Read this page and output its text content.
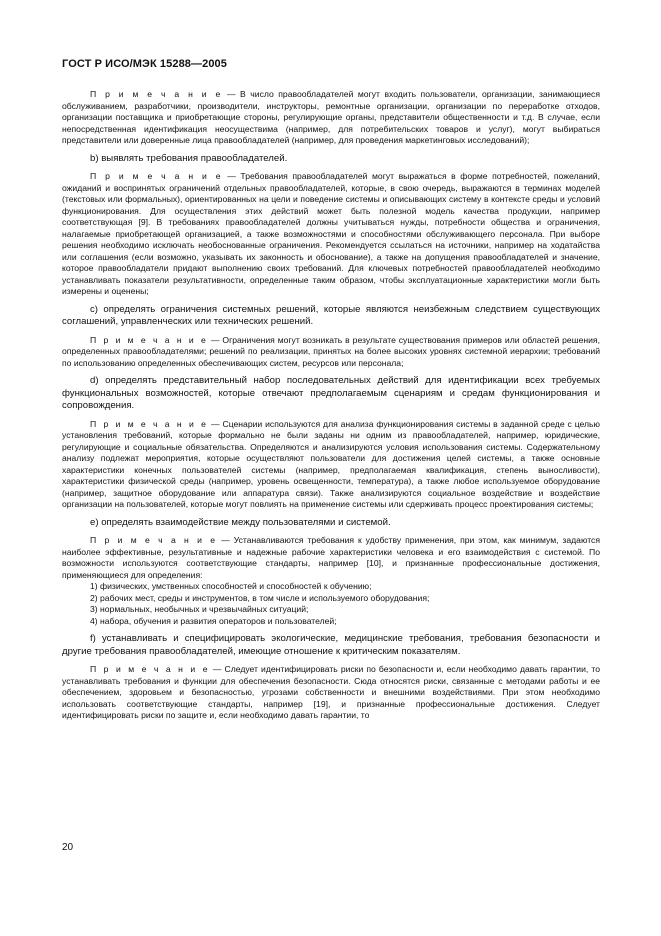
ГОСТ Р ИСО/МЭК 15288—2005

П р и м е ч а н и е — В число правообладателей могут входить пользователи, организации, занимающиеся обслуживанием, разработчики, производители, инструкторы, ремонтные организации, организации по переработке отходов, организации поставщика и приобретающие стороны, регулирующие органы, представители общественности и т.д. В случае, если непосредственная идентификация неосуществима (например, для потребительских товаров и услуг), могут выбираться представители или доверенные лица правообладателей (например, для проведения маркетинговых исследований);

b) выявлять требования правообладателей.

П р и м е ч а н и е — Требования правообладателей могут выражаться в форме потребностей, пожеланий, ожиданий и воспринятых ограничений отдельных правообладателей, которые, в свою очередь, выражаются в терминах моделей (текстовых или формальных), ориентированных на цели и поведение системы и описывающих систему в контексте среды и условий функционирования. Для осуществления этих действий может быть полезной модель качества продукции, например соответствующая [9]. В требованиях правообладателей должны учитываться нужды, потребности общества и ограничения, налагаемые приобретающей организацией, а также возможностями и способностями обслуживающего персонала. При выборе решения необходимо исключать необоснованные ограничения. Рекомендуется ссылаться на источники, например на ходатайства или соглашения (если возможно, указывать их законность и обоснование), а также на допущения правообладателей и значение, которое правообладатели придают выполнению своих требований. Для ключевых потребностей правообладателей необходимо устанавливать показатели результативности, определенные таким образом, чтобы эксплуатационные характеристики могли быть измерены и оценены;

c) определять ограничения системных решений, которые являются неизбежным следствием существующих соглашений, управленческих или технических решений.

П р и м е ч а н и е — Ограничения могут возникать в результате существования примеров или областей решения, определенных правообладателями; решений по реализации, принятых на более высоких уровнях системной иерархии; требований по использованию определенных обеспечивающих систем, ресурсов или персонала;

d) определять представительный набор последовательных действий для идентификации всех требуемых функциональных возможностей, которые отвечают предполагаемым сценариям и средам функционирования и сопровождения.

П р и м е ч а н и е — Сценарии используются для анализа функционирования системы в заданной среде с целью установления требований, которые формально не были заданы ни одним из правообладателей, например, юридические, регулирующие и социальные обязательства. Определяются и анализируются условия использования системы. Содержательному анализу подлежат мероприятия, которые осуществляют пользователи для достижения целей системы, а также основные характеристики конечных пользователей системы (например, предполагаемая квалификация, степень выносливости), характеристики физической среды (например, уровень освещенности, температура), а также любое используемое оборудование (например, защитное оборудование или аппаратура связи). Также анализируются социальное воздействие и воздействие организации на пользователей, которые могут повлиять на применение системы или сдерживать процесс проектирования системы;

e) определять взаимодействие между пользователями и системой.

П р и м е ч а н и е — Устанавливаются требования к удобству применения, при этом, как минимум, задаются наиболее эффективные, результативные и надежные рабочие характеристики человека и его взаимодействия с системой. По возможности используются соответствующие стандарты, например [10], и признанные профессиональные достижения, применяющиеся для определения:

1) физических, умственных способностей и способностей к обучению;
2) рабочих мест, среды и инструментов, в том числе и используемого оборудования;
3) нормальных, необычных и чрезвычайных ситуаций;
4) набора, обучения и развития операторов и пользователей;

f) устанавливать и специфицировать экологические, медицинские требования, требования безопасности и другие требования правообладателей, имеющие отношение к критическим показателям.

П р и м е ч а н и е — Следует идентифицировать риски по безопасности и, если необходимо давать гарантии, то устанавливать требования и функции для обеспечения безопасности. Сюда относятся риски, связанные с методами работы и ее обеспечением, здоровьем и безопасностью, угрозами собственности и внешними воздействиями. При этом необходимо использовать соответствующие стандарты, например [19], и признанные профессиональные достижения. Следует идентифицировать риски по защите и, если необходимо давать гарантии, то

20
